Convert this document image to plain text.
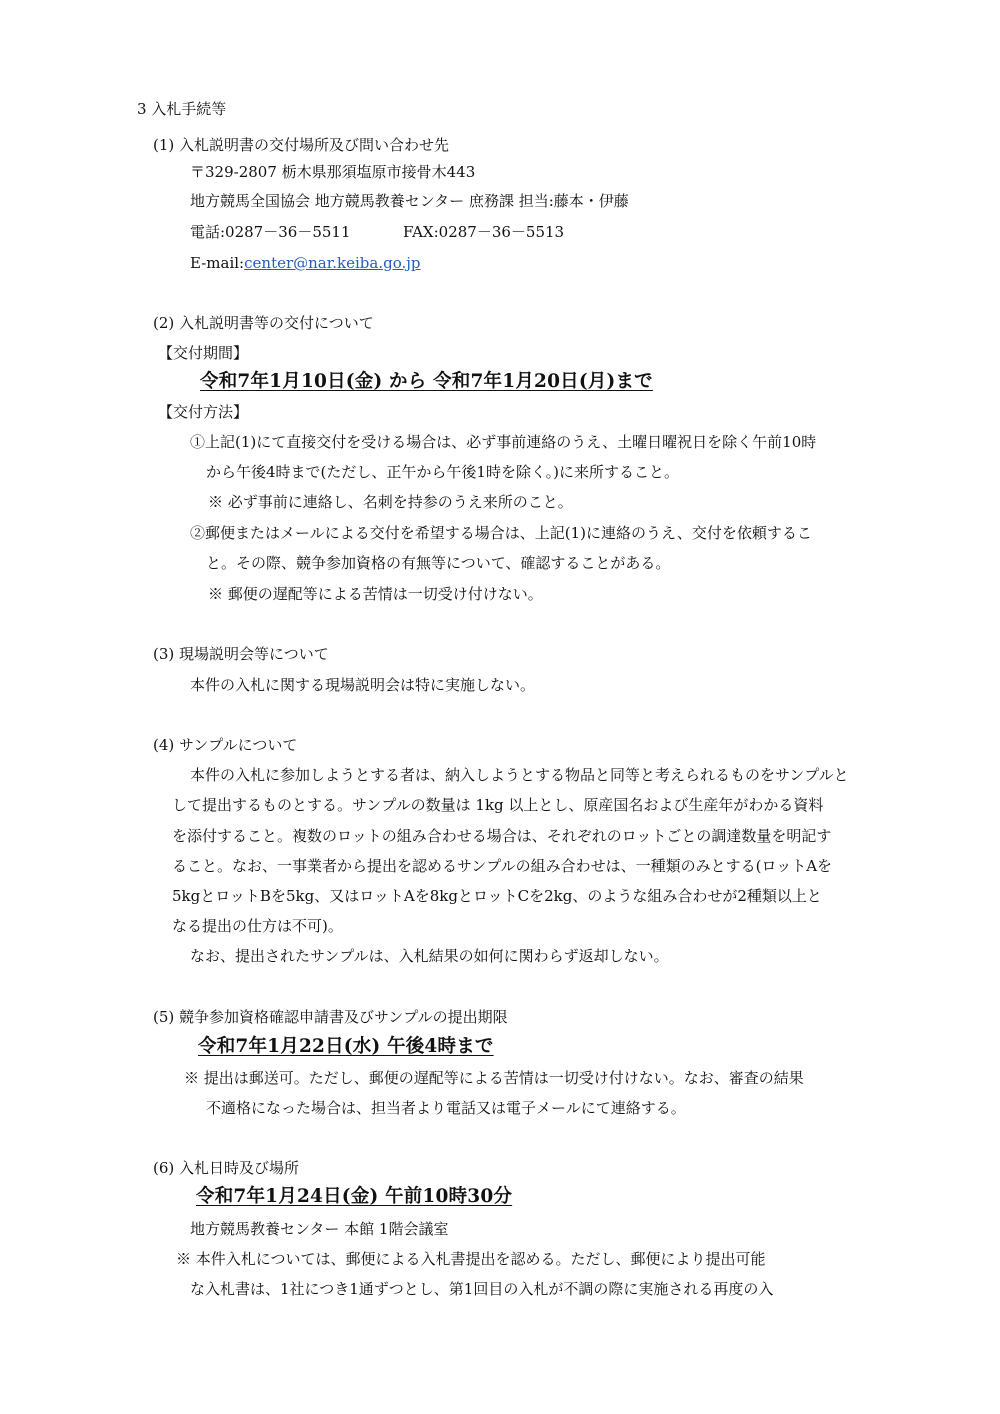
3 入札手続等
(1) 入札説明書の交付場所及び問い合わせ先
〒329-2807 栃木県那須塩原市接骨木443
地方競馬全国協会 地方競馬教養センター 庶務課 担当:藤本・伊藤
電話:0287－36－5511	FAX:0287－36－5513
E-mail:center@nar.keiba.go.jp
(2) 入札説明書等の交付について
【交付期間】
令和7年1月10日(金) から 令和7年1月20日(月)まで
【交付方法】
①上記(1)にて直接交付を受ける場合は、必ず事前連絡のうえ、土曜日曜祝日を除く午前10時
から午後4時まで(ただし、正午から午後1時を除く。)に来所すること。
※ 必ず事前に連絡し、名刺を持参のうえ来所のこと。
②郵便またはメールによる交付を希望する場合は、上記(1)に連絡のうえ、交付を依頼するこ
と。その際、競争参加資格の有無等について、確認することがある。
※ 郵便の遅配等による苦情は一切受け付けない。
(3) 現場説明会等について
本件の入札に関する現場説明会は特に実施しない。
(4) サンプルについて
本件の入札に参加しようとする者は、納入しようとする物品と同等と考えられるものをサンプルと
して提出するものとする。サンプルの数量は 1kg 以上とし、原産国名および生産年がわかる資料
を添付すること。複数のロットの組み合わせる場合は、それぞれのロットごとの調達数量を明記す
ること。なお、一事業者から提出を認めるサンプルの組み合わせは、一種類のみとする(ロットAを
5kgとロットBを5kg、又はロットAを8kgとロットCを2kg、のような組み合わせが2種類以上と
なる提出の仕方は不可)。
なお、提出されたサンプルは、入札結果の如何に関わらず返却しない。
(5) 競争参加資格確認申請書及びサンプルの提出期限
令和7年1月22日(水) 午後4時まで
※ 提出は郵送可。ただし、郵便の遅配等による苦情は一切受け付けない。なお、審査の結果
不適格になった場合は、担当者より電話又は電子メールにて連絡する。
(6) 入札日時及び場所
令和7年1月24日(金) 午前10時30分
地方競馬教養センター 本館 1階会議室
※ 本件入札については、郵便による入札書提出を認める。ただし、郵便により提出可能
な入札書は、1社につき1通ずつとし、第1回目の入札が不調の際に実施される再度の入
